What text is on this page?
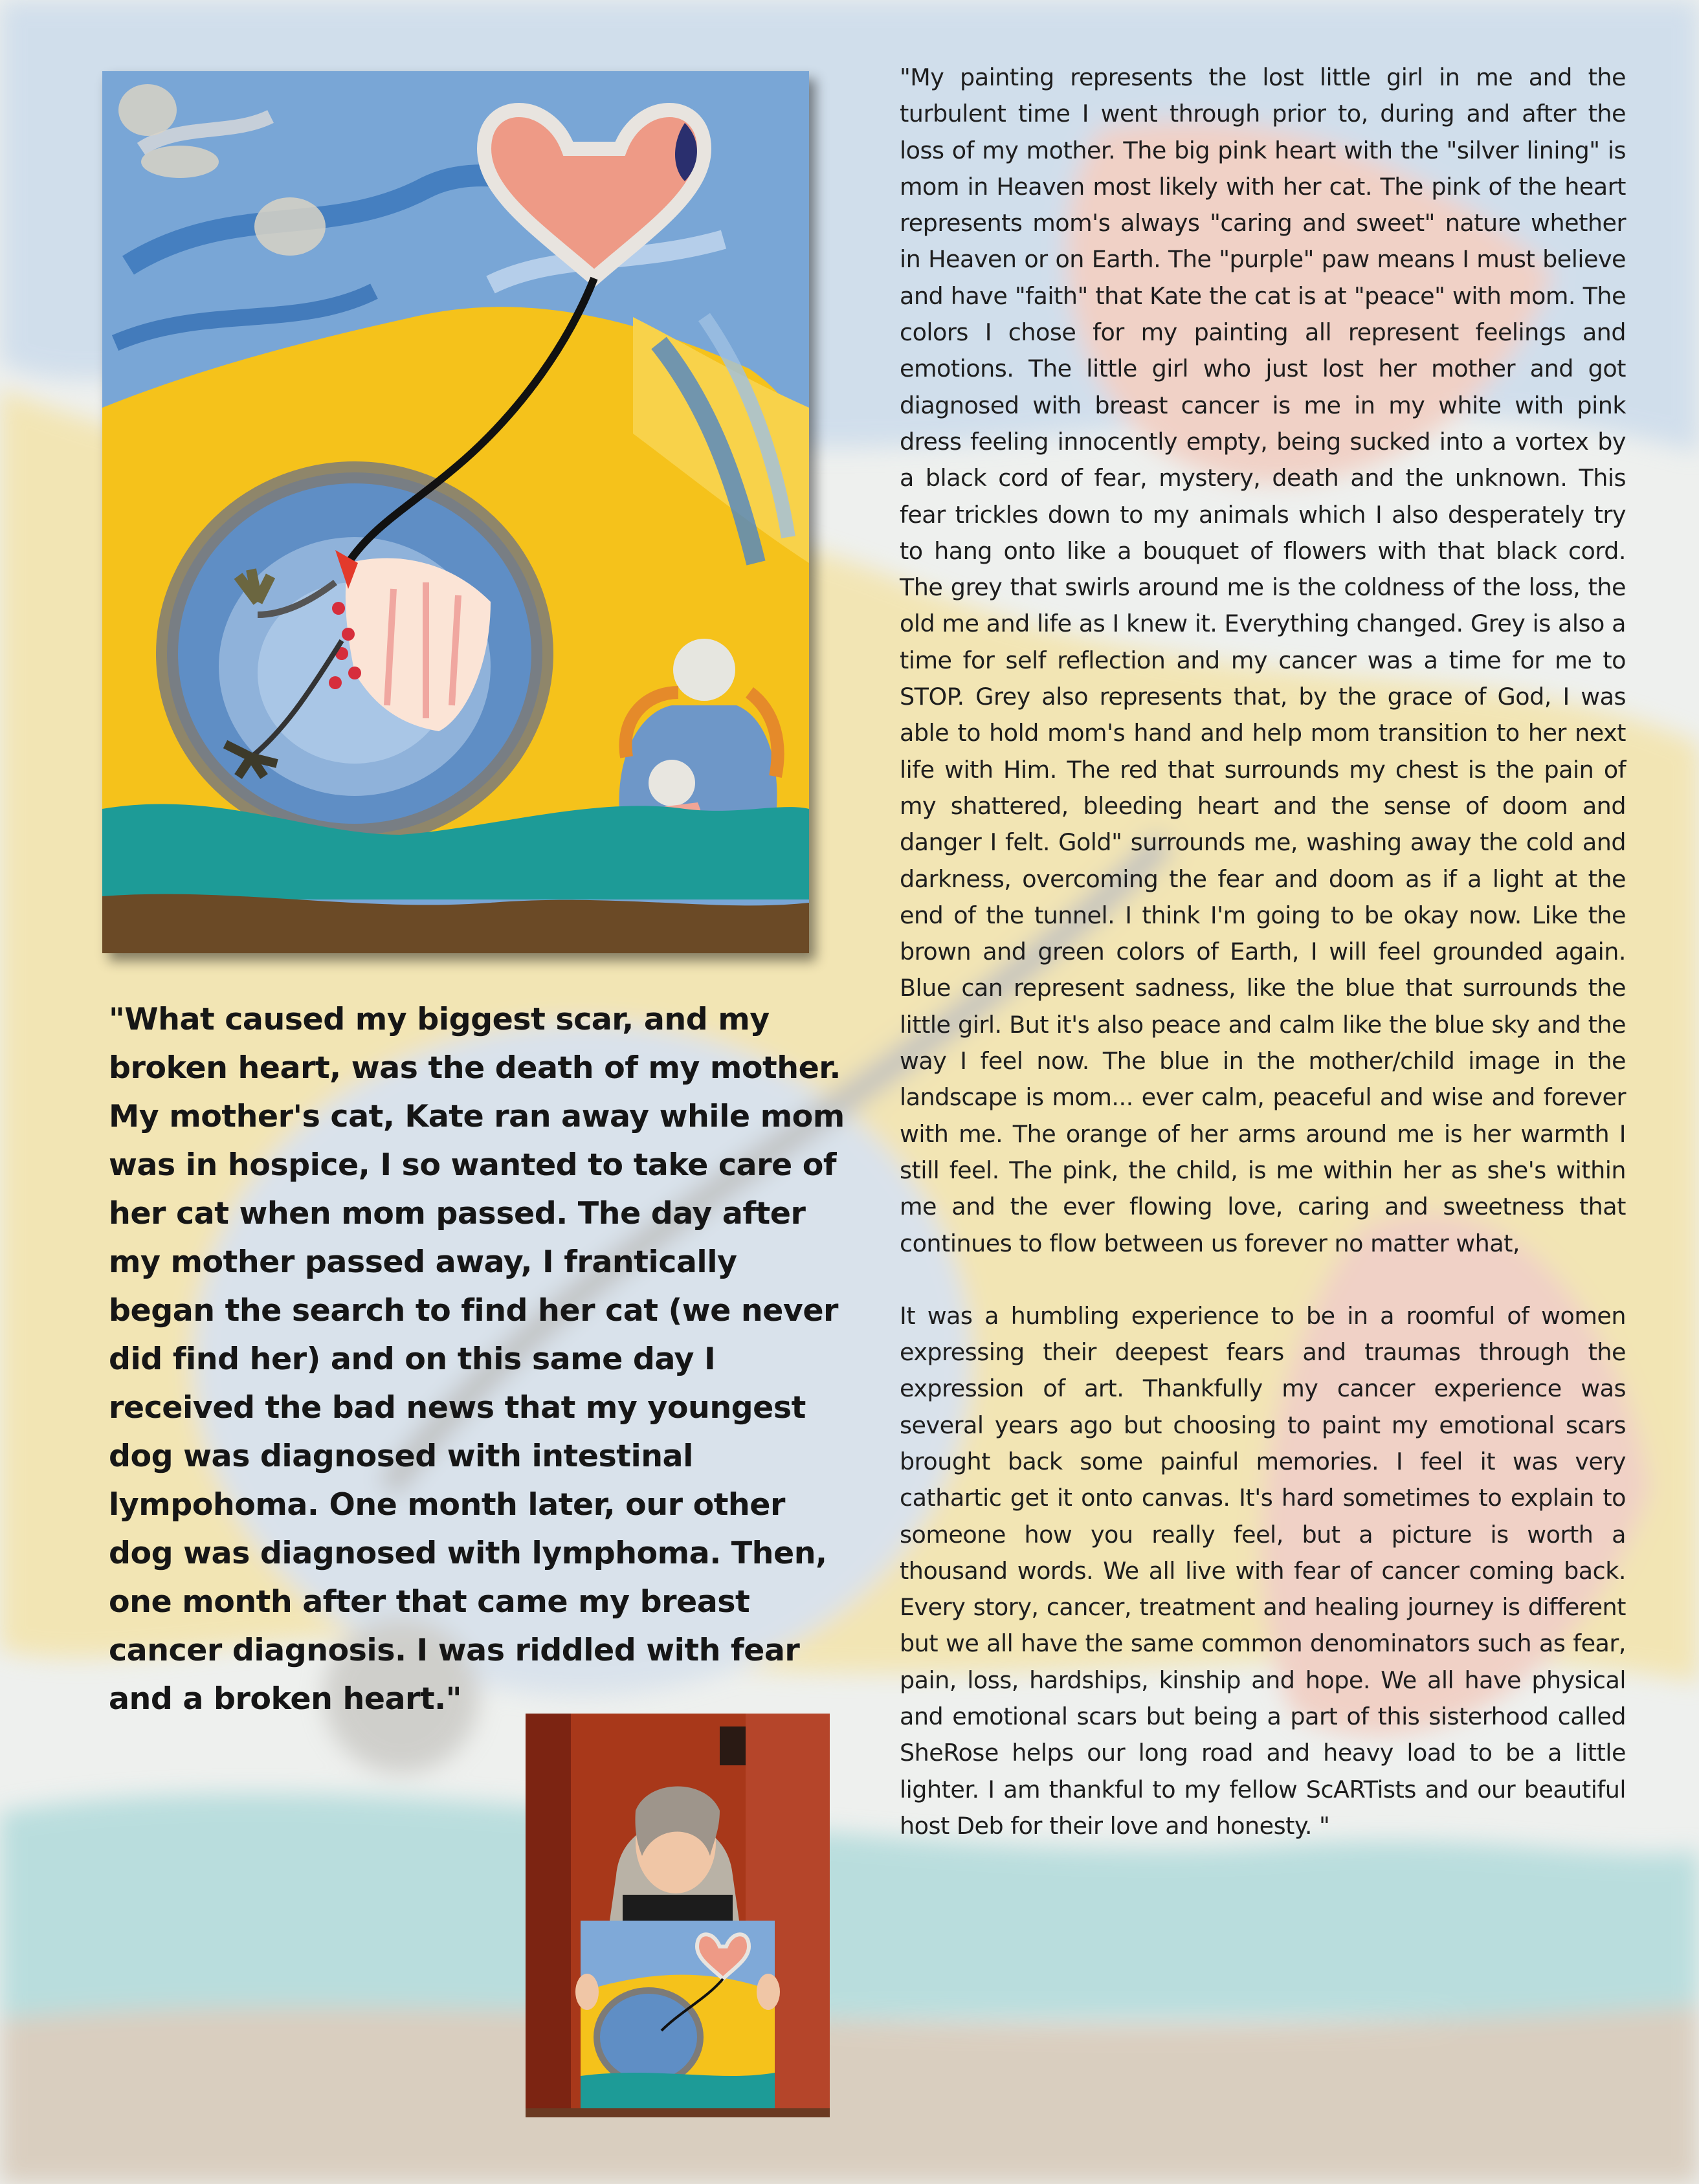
"What caused my biggest scar, and my broken heart, was the death of my mother. My mother's cat, Kate ran away while mom was in hospice, I so wanted to take care of her cat when mom passed. The day after my mother passed away, I frantically began the search to find her cat (we never did find her) and on this same day I received the bad news that my youngest dog was diagnosed with intestinal lympohoma. One month later, our other dog was diagnosed with lymphoma. Then, one month after that came my breast cancer diagnosis. I was riddled with fear and a broken heart."

"My painting represents the lost little girl in me and the turbulent time I went through prior to, during and after the loss of my mother. The big pink heart with the "silver lining" is mom in Heaven most likely with her cat. The pink of the heart represents mom's always "caring and sweet" nature whether in Heaven or on Earth. The "purple" paw means I must believe and have "faith" that Kate the cat is at "peace" with mom. The colors I chose for my painting all represent feelings and emotions. The little girl who just lost her mother and got diagnosed with breast cancer is me in my white with pink dress feeling innocently empty, being sucked into a vortex by a black cord of fear, mystery, death and the unknown. This fear trickles down to my animals which I also desperately try to hang onto like a bouquet of flowers with that black cord. The grey that swirls around me is the coldness of the loss, the old me and life as I knew it. Everything changed. Grey is also a time for self reflection and my cancer was a time for me to STOP. Grey also represents that, by the grace of God, I was able to hold mom's hand and help mom transition to her next life with Him. The red that surrounds my chest is the pain of my shattered, bleeding heart and the sense of doom and danger I felt. Gold" surrounds me, washing away the cold and darkness, overcoming the fear and doom as if a light at the end of the tunnel. I think I'm going to be okay now. Like the brown and green colors of Earth, I will feel grounded again. Blue can represent sadness, like the blue that surrounds the little girl. But it's also peace and calm like the blue sky and the way I feel now. The blue in the mother/child image in the landscape is mom... ever calm, peaceful and wise and forever with me. The orange of her arms around me is her warmth I still feel. The pink, the child, is me within her as she's within me and the ever flowing love, caring and sweetness that continues to flow between us forever no matter what,

It was a humbling experience to be in a roomful of women expressing their deepest fears and traumas through the expression of art. Thankfully my cancer experience was several years ago but choosing to paint my emotional scars brought back some painful memories. I feel it was very cathartic get it onto canvas. It's hard sometimes to explain to someone how you really feel, but a picture is worth a thousand words. We all live with fear of cancer coming back. Every story, cancer, treatment and healing journey is different but we all have the same common denominators such as fear, pain, loss, hardships, kinship and hope. We all have physical and emotional scars but being a part of this sisterhood called SheRose helps our long road and heavy load to be a little lighter. I am thankful to my fellow ScARTists and our beautiful host Deb for their love and honesty. "
